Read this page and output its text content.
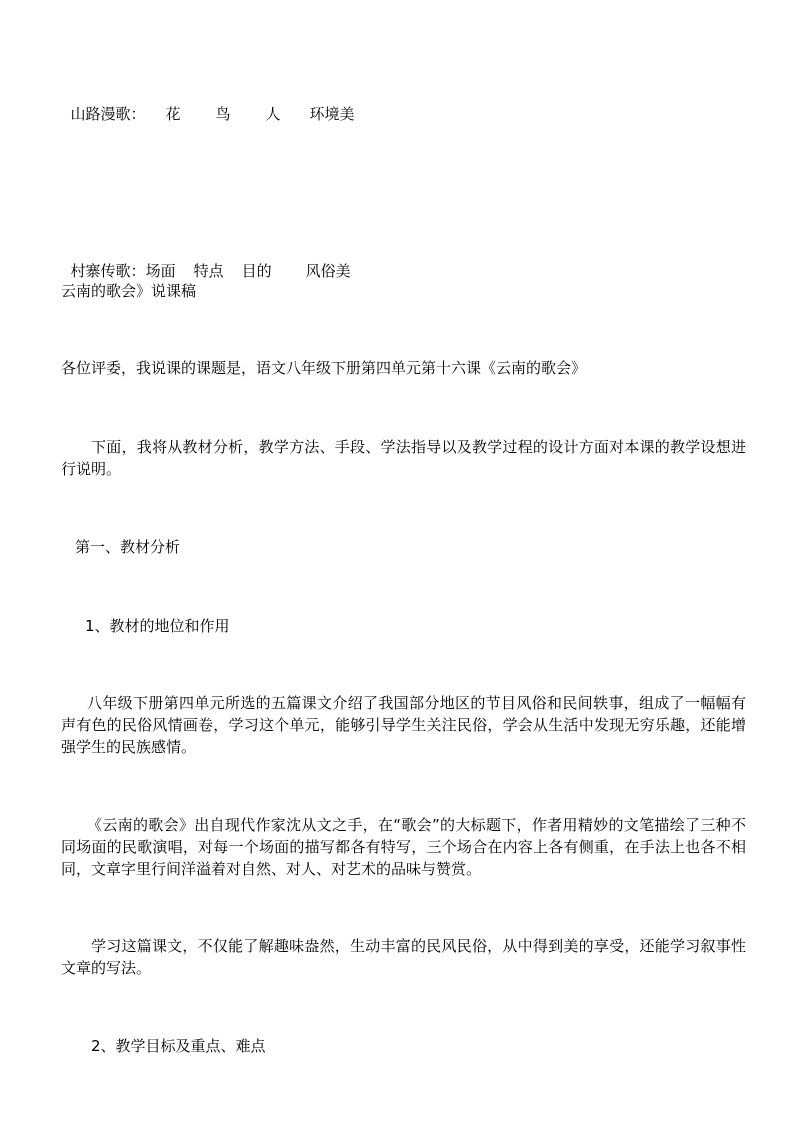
山路漫歌： 花 鸟 人 环境美

村寨传歌：场面 特点 目的 风俗美

云南的歌会》说课稿
各位评委，我说课的课题是，语文八年级下册第四单元第十六课《云南的歌会》
下面，我将从教材分析，教学方法、手段、学法指导以及教学过程的设计方面对本课的教学设想进行说明。
第一、教材分析
1、教材的地位和作用
八年级下册第四单元所选的五篇课文介绍了我国部分地区的节目风俗和民间轶事，组成了一幅幅有声有色的民俗风情画卷，学习这个单元，能够引导学生关注民俗，学会从生活中发现无穷乐趣，还能增强学生的民族感情。
《云南的歌会》出自现代作家沈从文之手，在“歌会”的大标题下，作者用精妙的文笔描绘了三种不同场面的民歌演唱，对每一个场面的描写都各有特写，三个场合在内容上各有侧重，在手法上也各不相同，文章字里行间洋溢着对自然、对人、对艺术的品味与赞赏。
学习这篇课文，不仅能了解趣味盎然，生动丰富的民风民俗，从中得到美的享受，还能学习叙事性文章的写法。
2、教学目标及重点、难点
